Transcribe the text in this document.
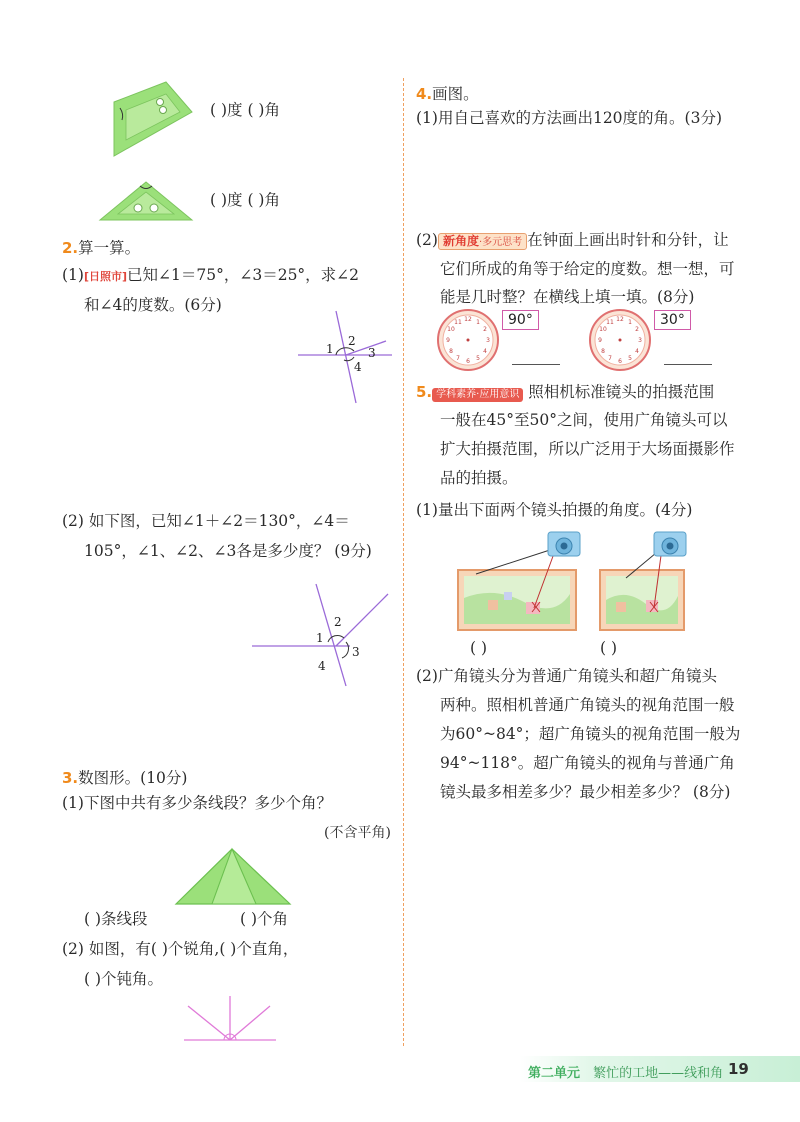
( )度 ( )角
( )度 ( )角
2.算一算。
(1)[日照市]已知∠1＝75°，∠3＝25°，求∠2
和∠4的度数。(6分)
1
2
3
4
(2) 如下图，已知∠1＋∠2＝130°，∠4＝
105°，∠1、∠2、∠3各是多少度？ (9分)
1
2
3
4
3.数图形。(10分)
(1)下图中共有多少条线段？多少个角？
(不含平角)
( )条线段	( )个角
(2) 如图，有( )个锐角,( )个直角，
( )个钝角。
4.画图。
(1)用自己喜欢的方法画出120度的角。(3分)
(2) 新角度·多元思考 在钟面上画出时针和分针，让
它们所成的角等于给定的度数。想一想，可
能是几时整？在横线上填一填。(8分)
12 1
2
3
4
5
6
7
8
9
10
11	90°	12 1
2
3
4
5
6
7
8
9
10
11	30°
5. 学科素养·应用意识 照相机标准镜头的拍摄范围
一般在45°至50°之间，使用广角镜头可以
扩大拍摄范围，所以广泛用于大场面摄影作
品的拍摄。
(1)量出下面两个镜头拍摄的角度。(4分)
( )	( )
(2)广角镜头分为普通广角镜头和超广角镜头
两种。照相机普通广角镜头的视角范围一般
为60°~84°；超广角镜头的视角范围一般为
94°~118°。超广角镜头的视角与普通广角
镜头最多相差多少？最少相差多少？ (8分)
第二单元 繁忙的工地——线和角 19
